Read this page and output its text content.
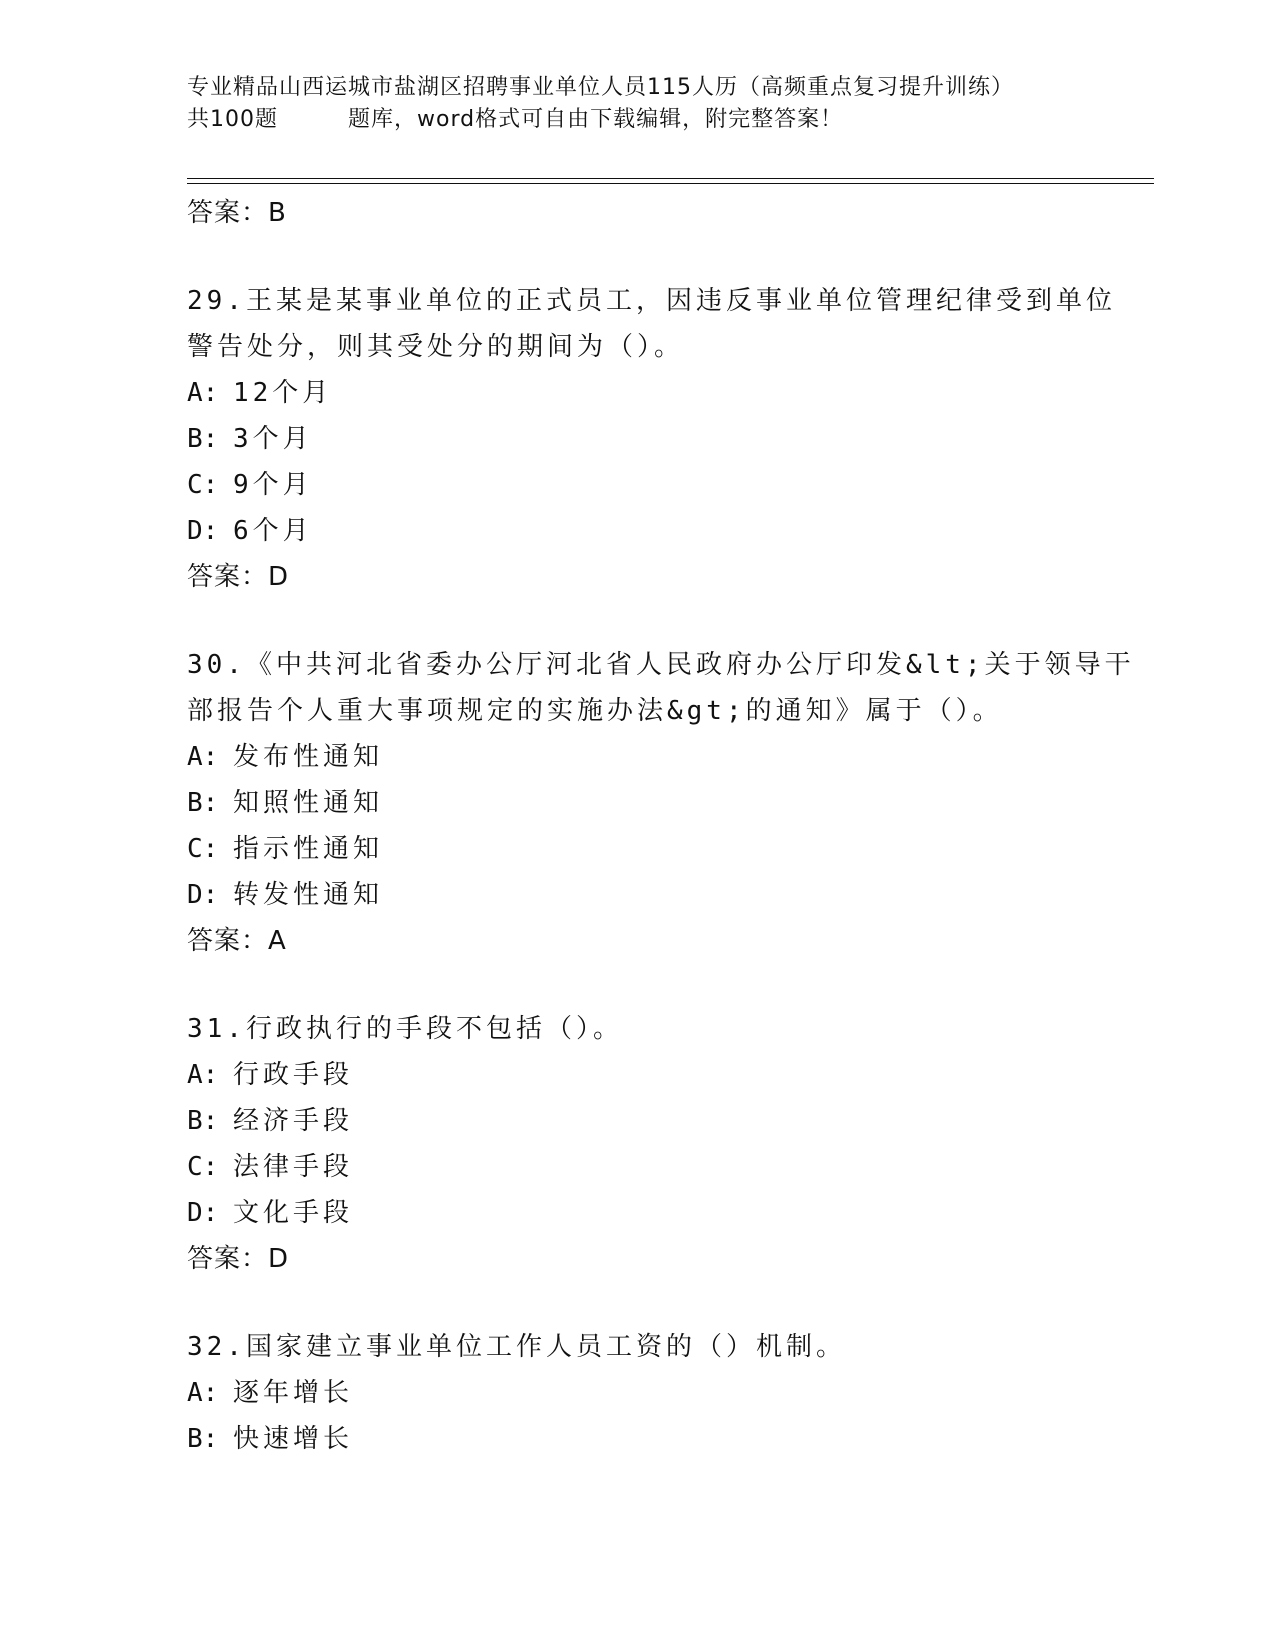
专业精品山西运城市盐湖区招聘事业单位人员115人历（高频重点复习提升训练）
共100题	题库，word格式可自由下载编辑，附完整答案！
答案：B
29.王某是某事业单位的正式员工，因违反事业单位管理纪律受到单位
警告处分，则其受处分的期间为（）。
A: 12个月
B: 3个月
C: 9个月
D: 6个月
答案：D
30.《中共河北省委办公厅河北省人民政府办公厅印发&lt;关于领导干
部报告个人重大事项规定的实施办法&gt;的通知》属于（）。
A: 发布性通知
B: 知照性通知
C: 指示性通知
D: 转发性通知
答案：A
31.行政执行的手段不包括（）。
A: 行政手段
B: 经济手段
C: 法律手段
D: 文化手段
答案：D
32.国家建立事业单位工作人员工资的（）机制。
A: 逐年增长
B: 快速增长
